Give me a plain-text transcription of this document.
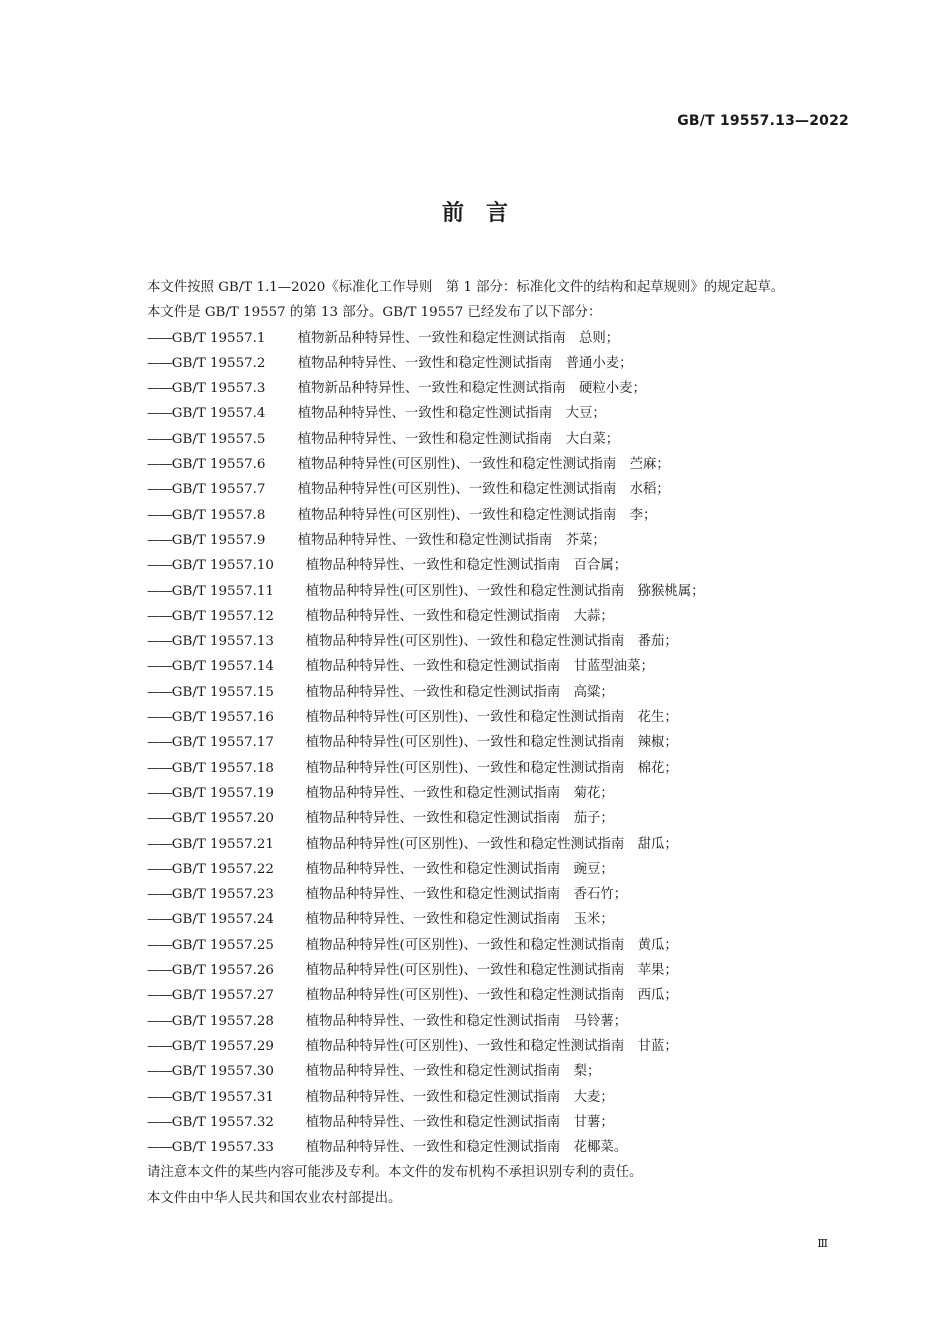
GB/T 19557.13—2022
前　言

本文件按照 GB/T 1.1—2020《标准化工作导则　第 1 部分：标准化文件的结构和起草规则》的规定起草。

本文件是 GB/T 19557 的第 13 部分。GB/T 19557 已经发布了以下部分：

—— GB/T 19557.1	植物新品种特异性、一致性和稳定性测试指南　总则；
—— GB/T 19557.2	植物品种特异性、一致性和稳定性测试指南　普通小麦；
—— GB/T 19557.3	植物新品种特异性、一致性和稳定性测试指南　硬粒小麦；
—— GB/T 19557.4	植物品种特异性、一致性和稳定性测试指南　大豆；
—— GB/T 19557.5	植物品种特异性、一致性和稳定性测试指南　大白菜；
—— GB/T 19557.6	植物品种特异性(可区别性)、一致性和稳定性测试指南　苎麻；
—— GB/T 19557.7	植物品种特异性(可区别性)、一致性和稳定性测试指南　水稻；
—— GB/T 19557.8	植物品种特异性(可区别性)、一致性和稳定性测试指南　李；
—— GB/T 19557.9	植物品种特异性、一致性和稳定性测试指南　芥菜；
—— GB/T 19557.10	植物品种特异性、一致性和稳定性测试指南　百合属；
—— GB/T 19557.11	植物品种特异性(可区别性)、一致性和稳定性测试指南　猕猴桃属；
—— GB/T 19557.12	植物品种特异性、一致性和稳定性测试指南　大蒜；
—— GB/T 19557.13	植物品种特异性(可区别性)、一致性和稳定性测试指南　番茄；
—— GB/T 19557.14	植物品种特异性、一致性和稳定性测试指南　甘蓝型油菜；
—— GB/T 19557.15	植物品种特异性、一致性和稳定性测试指南　高粱；
—— GB/T 19557.16	植物品种特异性(可区别性)、一致性和稳定性测试指南　花生；
—— GB/T 19557.17	植物品种特异性(可区别性)、一致性和稳定性测试指南　辣椒；
—— GB/T 19557.18	植物品种特异性(可区别性)、一致性和稳定性测试指南　棉花；
—— GB/T 19557.19	植物品种特异性、一致性和稳定性测试指南　菊花；
—— GB/T 19557.20	植物品种特异性、一致性和稳定性测试指南　茄子；
—— GB/T 19557.21	植物品种特异性(可区别性)、一致性和稳定性测试指南　甜瓜；
—— GB/T 19557.22	植物品种特异性、一致性和稳定性测试指南　豌豆；
—— GB/T 19557.23	植物品种特异性、一致性和稳定性测试指南　香石竹；
—— GB/T 19557.24	植物品种特异性、一致性和稳定性测试指南　玉米；
—— GB/T 19557.25	植物品种特异性(可区别性)、一致性和稳定性测试指南　黄瓜；
—— GB/T 19557.26	植物品种特异性(可区别性)、一致性和稳定性测试指南　苹果；
—— GB/T 19557.27	植物品种特异性(可区别性)、一致性和稳定性测试指南　西瓜；
—— GB/T 19557.28	植物品种特异性、一致性和稳定性测试指南　马铃薯；
—— GB/T 19557.29	植物品种特异性(可区别性)、一致性和稳定性测试指南　甘蓝；
—— GB/T 19557.30	植物品种特异性、一致性和稳定性测试指南　梨；
—— GB/T 19557.31	植物品种特异性、一致性和稳定性测试指南　大麦；
—— GB/T 19557.32	植物品种特异性、一致性和稳定性测试指南　甘薯；
—— GB/T 19557.33	植物品种特异性、一致性和稳定性测试指南　花椰菜。

请注意本文件的某些内容可能涉及专利。本文件的发布机构不承担识别专利的责任。

本文件由中华人民共和国农业农村部提出。

Ⅲ
